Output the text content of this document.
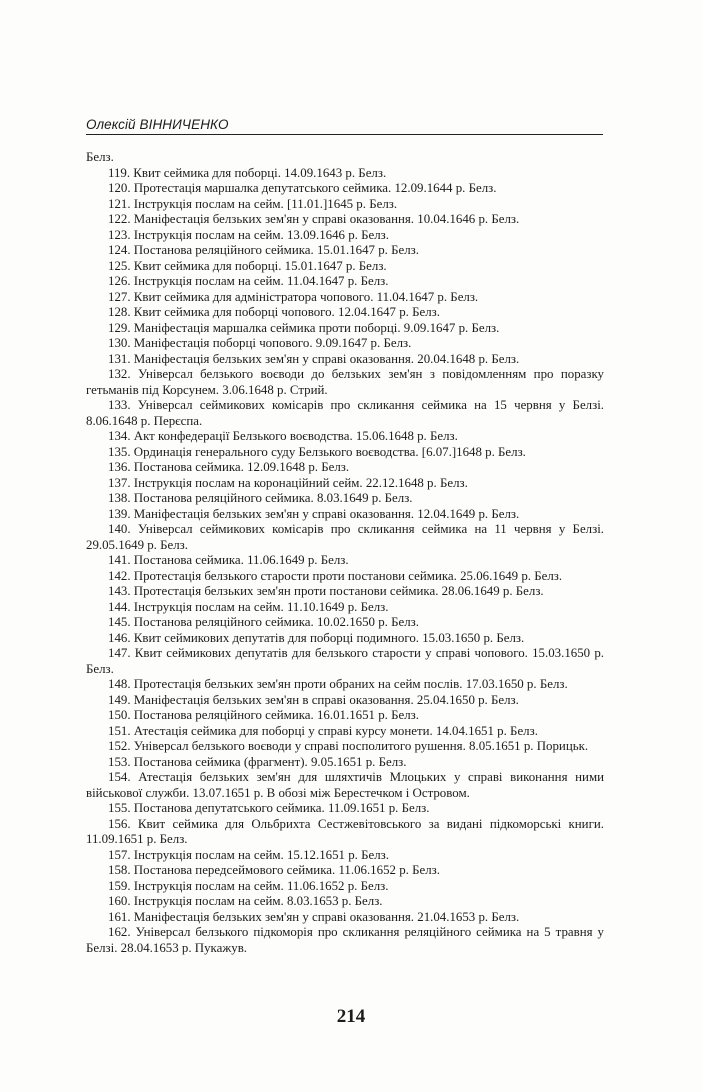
Олексій ВІННИЧЕНКО

Белз.

119. Квит сеймика для поборці. 14.09.1643 р. Белз.

120. Протестація маршалка депутатського сеймика. 12.09.1644 р. Белз.

121. Інструкція послам на сейм. [11.01.]1645 р. Белз.

122. Маніфестація белзьких зем'ян у справі оказовання. 10.04.1646 р. Белз.

123. Інструкція послам на сейм. 13.09.1646 р. Белз.

124. Постанова реляційного сеймика. 15.01.1647 р. Белз.

125. Квит сеймика для поборці. 15.01.1647 р. Белз.

126. Інструкція послам на сейм. 11.04.1647 р. Белз.

127. Квит сеймика для адміністратора чопового. 11.04.1647 р. Белз.

128. Квит сеймика для поборці чопового. 12.04.1647 р. Белз.

129. Маніфестація маршалка сеймика проти поборці. 9.09.1647 р. Белз.

130. Маніфестація поборці чопового. 9.09.1647 р. Белз.

131. Маніфестація белзьких зем'ян у справі оказовання. 20.04.1648 р. Белз.

132. Універсал белзького воєводи до белзьких зем'ян з повідомленням про поразку гетьманів під Корсунем. 3.06.1648 р. Стрий.

133. Універсал сеймикових комісарів про скликання сеймика на 15 червня у Белзі. 8.06.1648 р. Перєспа.

134. Акт конфедерації Белзького воєводства. 15.06.1648 р. Белз.

135. Ординація генерального суду Белзького воєводства. [6.07.]1648 р. Белз.

136. Постанова сеймика. 12.09.1648 р. Белз.

137. Інструкція послам на коронаційний сейм. 22.12.1648 р. Белз.

138. Постанова реляційного сеймика. 8.03.1649 р. Белз.

139. Маніфестація белзьких зем'ян у справі оказовання. 12.04.1649 р. Белз.

140. Універсал сеймикових комісарів про скликання сеймика на 11 червня у Белзі. 29.05.1649 р. Белз.

141. Постанова сеймика. 11.06.1649 р. Белз.

142. Протестація белзького старости проти постанови сеймика. 25.06.1649 р. Белз.

143. Протестація белзьких зем'ян проти постанови сеймика. 28.06.1649 р. Белз.

144. Інструкція послам на сейм. 11.10.1649 р. Белз.

145. Постанова реляційного сеймика. 10.02.1650 р. Белз.

146. Квит сеймикових депутатів для поборці подимного. 15.03.1650 р. Белз.

147. Квит сеймикових депутатів для белзького старости у справі чопового. 15.03.1650 р. Белз.

148. Протестація белзьких зем'ян проти обраних на сейм послів. 17.03.1650 р. Белз.

149. Маніфестація белзьких зем'ян в справі оказовання. 25.04.1650 р. Белз.

150. Постанова реляційного сеймика. 16.01.1651 р. Белз.

151. Атестація сеймика для поборці у справі курсу монети. 14.04.1651 р. Белз.

152. Універсал белзького воєводи у справі посполитого рушення. 8.05.1651 р. Порицьк.

153. Постанова сеймика (фрагмент). 9.05.1651 р. Белз.

154. Атестація белзьких зем'ян для шляхтичів Млоцьких у справі виконання ними військової служби. 13.07.1651 р. В обозі між Берестечком і Островом.

155. Постанова депутатського сеймика. 11.09.1651 р. Белз.

156. Квит сеймика для Ольбрихта Сестжевітовського за видані підкоморські книги. 11.09.1651 р. Белз.

157. Інструкція послам на сейм. 15.12.1651 р. Белз.

158. Постанова передсеймового сеймика. 11.06.1652 р. Белз.

159. Інструкція послам на сейм. 11.06.1652 р. Белз.

160. Інструкція послам на сейм. 8.03.1653 р. Белз.

161. Маніфестація белзьких зем'ян у справі оказовання. 21.04.1653 р. Белз.

162. Універсал белзького підкоморія про скликання реляційного сеймика на 5 травня у Белзі. 28.04.1653 р. Пукажув.

214
